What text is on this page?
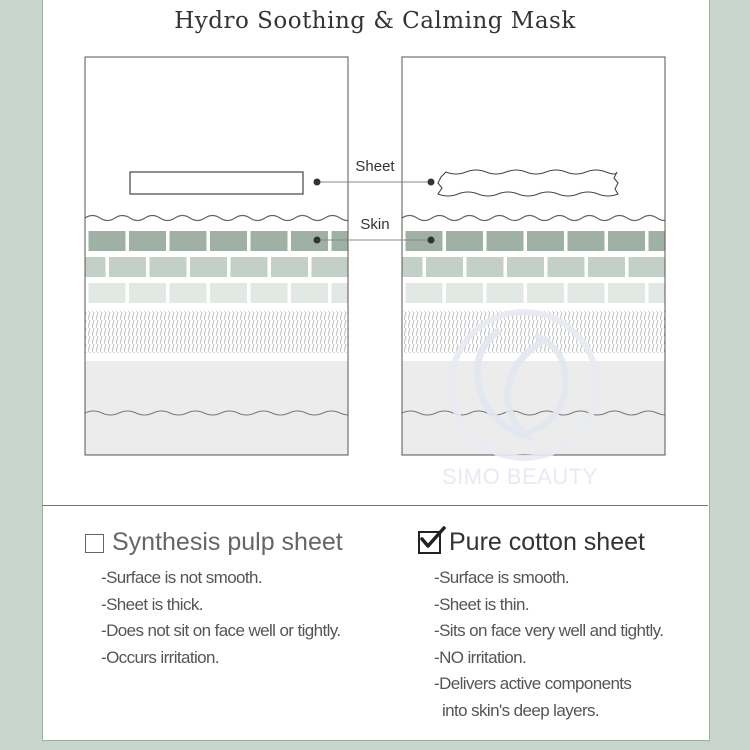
Hydro Soothing & Calming Mask
Sheet
Skin
SIMO BEAUTY
Synthesis pulp sheet
- Surface is not smooth.
- Sheet is thick.
- Does not sit on face well or tightly.
- Occurs irritation.
Pure cotton sheet
- Surface is smooth.
- Sheet is thin.
- Sits on face very well and tightly.
- NO irritation.
- Delivers active components
into skin's deep layers.
